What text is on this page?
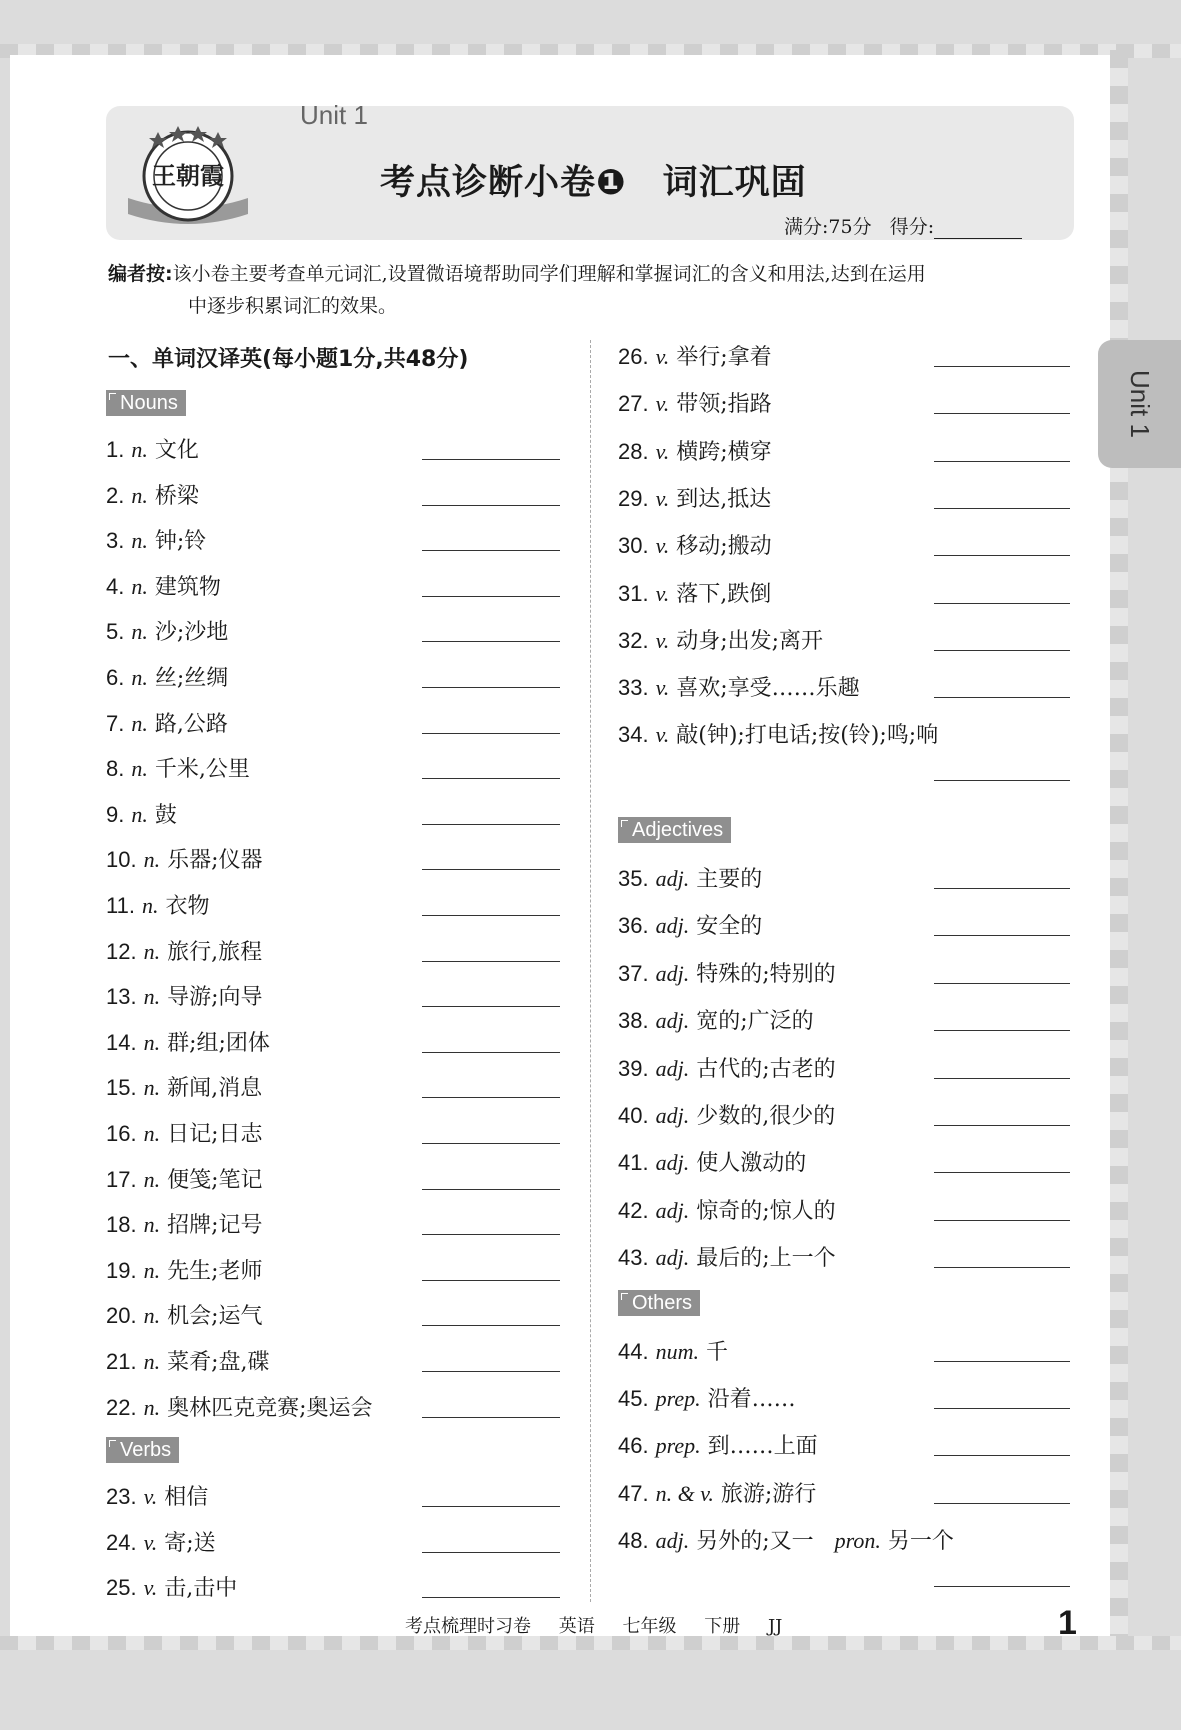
王朝霞
Unit 1
考点诊断小卷❶　词汇巩固
满分:75分 得分:
编者按:该小卷主要考查单元词汇,设置微语境帮助同学们理解和掌握词汇的含义和用法,达到在运用
中逐步积累词汇的效果。
一、单词汉译英(每小题1分,共48分)
Nouns
Verbs
Adjectives
Others
1. n. 文化
2. n. 桥梁
3. n. 钟;铃
4. n. 建筑物
5. n. 沙;沙地
6. n. 丝;丝绸
7. n. 路,公路
8. n. 千米,公里
9. n. 鼓
10. n. 乐器;仪器
11. n. 衣物
12. n. 旅行,旅程
13. n. 导游;向导
14. n. 群;组;团体
15. n. 新闻,消息
16. n. 日记;日志
17. n. 便笺;笔记
18. n. 招牌;记号
19. n. 先生;老师
20. n. 机会;运气
21. n. 菜肴;盘,碟
22. n. 奥林匹克竞赛;奥运会
23. v. 相信
24. v. 寄;送
25. v. 击,击中
26. v. 举行;拿着
27. v. 带领;指路
28. v. 横跨;横穿
29. v. 到达,抵达
30. v. 移动;搬动
31. v. 落下,跌倒
32. v. 动身;出发;离开
33. v. 喜欢;享受……乐趣
34. v. 敲(钟);打电话;按(铃);鸣;响
35. adj. 主要的
36. adj. 安全的
37. adj. 特殊的;特别的
38. adj. 宽的;广泛的
39. adj. 古代的;古老的
40. adj. 少数的,很少的
41. adj. 使人激动的
42. adj. 惊奇的;惊人的
43. adj. 最后的;上一个
44. num. 千
45. prep. 沿着……
46. prep. 到……上面
47. n. & v. 旅游;游行
48. adj. 另外的;又一 pron. 另一个
Unit 1
考点梳理时习卷 英语 七年级 下册 JJ	1
